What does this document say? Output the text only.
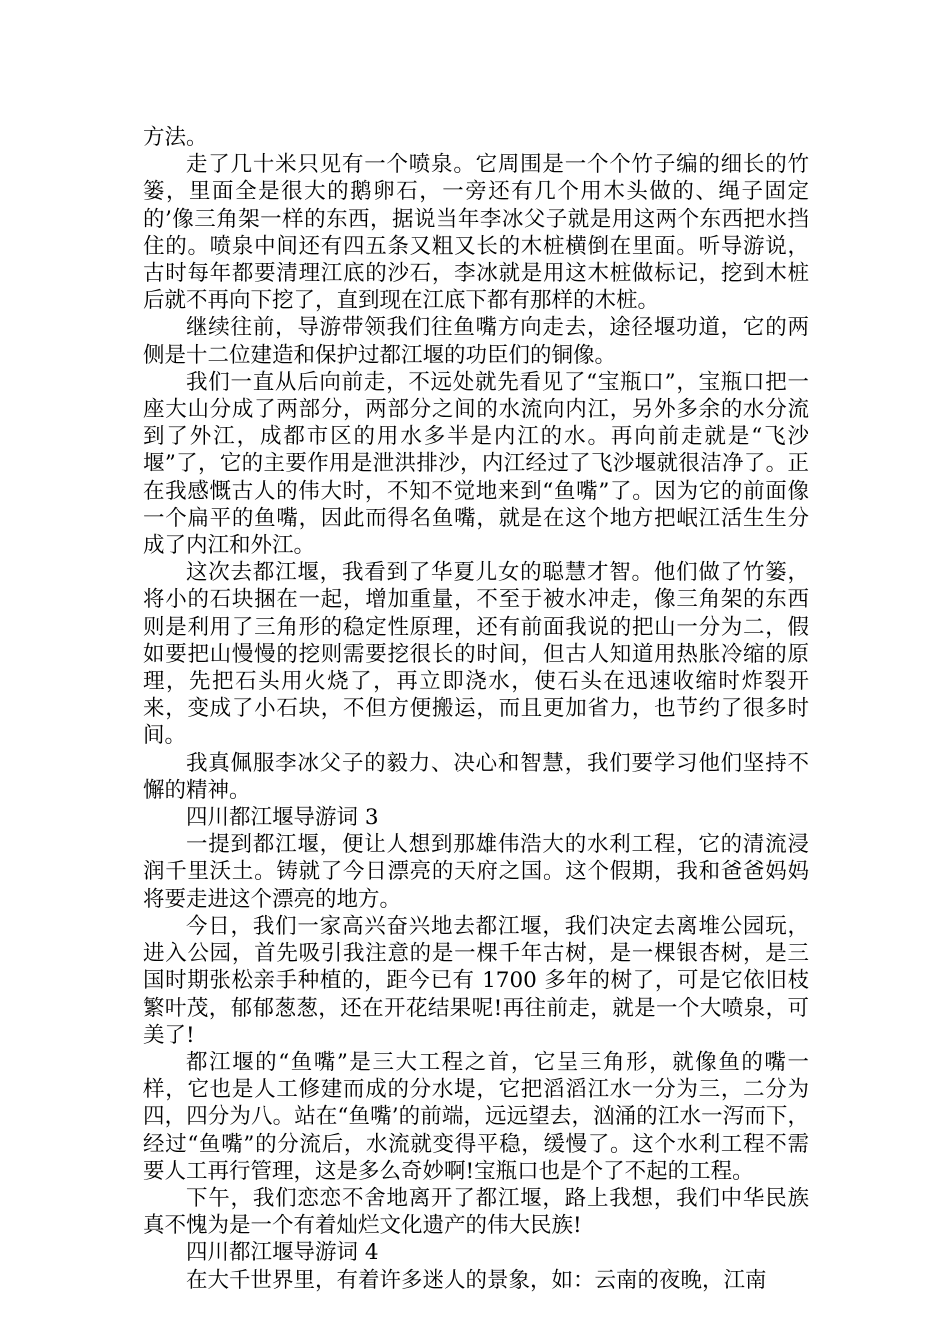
方法。

走了几十米只见有一个喷泉。它周围是一个个竹子编的细长的竹篓，里面全是很大的鹅卵石，一旁还有几个用木头做的、绳子固定的’像三角架一样的东西，据说当年李冰父子就是用这两个东西把水挡住的。喷泉中间还有四五条又粗又长的木桩横倒在里面。听导游说，古时每年都要清理江底的沙石，李冰就是用这木桩做标记，挖到木桩后就不再向下挖了，直到现在江底下都有那样的木桩。

继续往前，导游带领我们往鱼嘴方向走去，途径堰功道，它的两侧是十二位建造和保护过都江堰的功臣们的铜像。

我们一直从后向前走，不远处就先看见了“宝瓶口”，宝瓶口把一座大山分成了两部分，两部分之间的水流向内江，另外多余的水分流到了外江，成都市区的用水多半是内江的水。再向前走就是“飞沙堰”了，它的主要作用是泄洪排沙，内江经过了飞沙堰就很洁净了。正在我感慨古人的伟大时，不知不觉地来到“鱼嘴”了。因为它的前面像一个扁平的鱼嘴，因此而得名鱼嘴，就是在这个地方把岷江活生生分成了内江和外江。

这次去都江堰，我看到了华夏儿女的聪慧才智。他们做了竹篓，将小的石块捆在一起，增加重量，不至于被水冲走，像三角架的东西则是利用了三角形的稳定性原理，还有前面我说的把山一分为二，假如要把山慢慢的挖则需要挖很长的时间，但古人知道用热胀冷缩的原理，先把石头用火烧了，再立即浇水，使石头在迅速收缩时炸裂开来，变成了小石块，不但方便搬运，而且更加省力，也节约了很多时间。

我真佩服李冰父子的毅力、决心和智慧，我们要学习他们坚持不懈的精神。

四川都江堰导游词 3

一提到都江堰，便让人想到那雄伟浩大的水利工程，它的清流浸润千里沃土。铸就了今日漂亮的天府之国。这个假期，我和爸爸妈妈将要走进这个漂亮的地方。

今日，我们一家高兴奋兴地去都江堰，我们决定去离堆公园玩，进入公园，首先吸引我注意的是一棵千年古树，是一棵银杏树，是三国时期张松亲手种植的，距今已有 1700 多年的树了，可是它依旧枝繁叶茂，郁郁葱葱，还在开花结果呢!再往前走，就是一个大喷泉，可美了!

都江堰的“鱼嘴”是三大工程之首，它呈三角形，就像鱼的嘴一样，它也是人工修建而成的分水堤，它把滔滔江水一分为三，二分为四，四分为八。站在“鱼嘴’的前端，远远望去，汹涌的江水一泻而下，经过“鱼嘴”的分流后，水流就变得平稳，缓慢了。这个水利工程不需要人工再行管理，这是多么奇妙啊!宝瓶口也是个了不起的工程。

下午，我们恋恋不舍地离开了都江堰，路上我想，我们中华民族真不愧为是一个有着灿烂文化遗产的伟大民族!

四川都江堰导游词 4

在大千世界里，有着许多迷人的景象，如：云南的夜晚，江南
